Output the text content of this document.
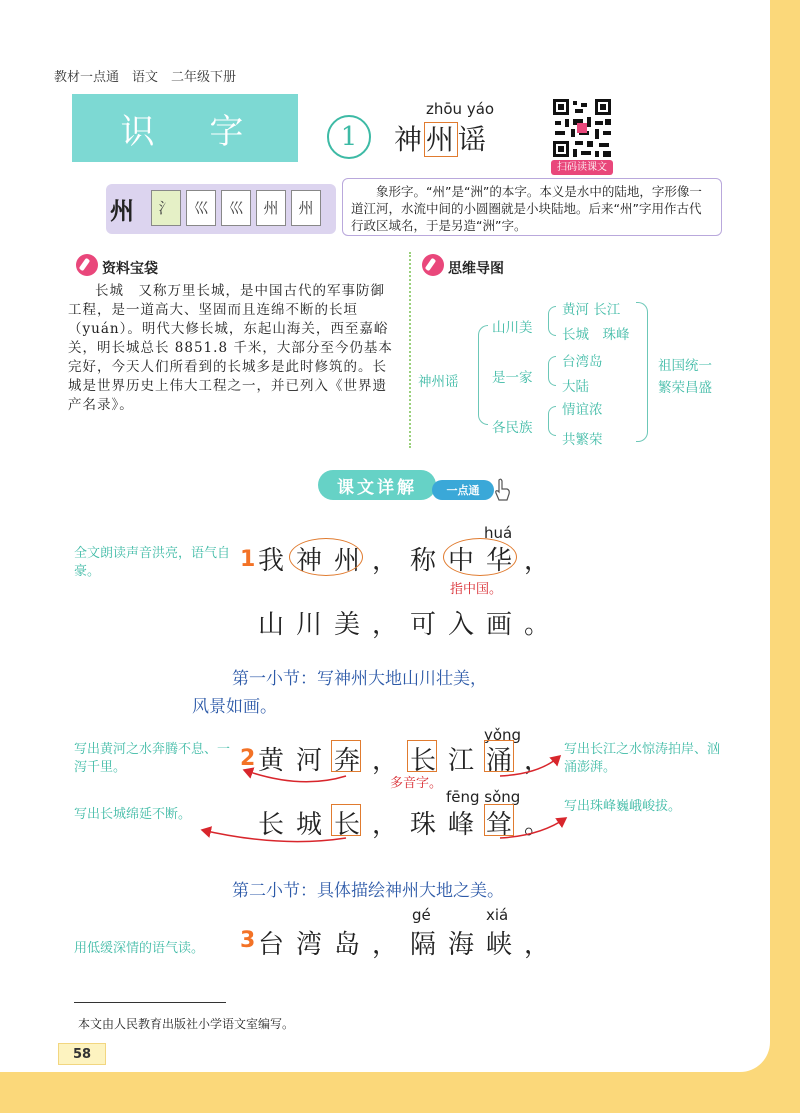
教材一点通　语文　二年级下册
识 字	1
zhōu yáo
神州谣
扫码读课文
州	氵	巛	巛	州	州
象形字。“州”是“洲”的本字。本义是水中的陆地，字形像一道江河，水流中间的小圆圈就是小块陆地。后来“州”字用作古代行政区域名，于是另造“洲”字。
资料宝袋
长城　又称万里长城，是中国古代的军事防御工程，是一道高大、坚固而且连绵不断的长垣（yuán）。明代大修长城，东起山海关，西至嘉峪关，明长城总长 8851.8 千米，大部分至今仍基本完好，今天人们所看到的长城多是此时修筑的。长城是世界历史上伟大工程之一，并已列入《世界遗产名录》。
思维导图
神州谣
山川美
是一家
各民族
黄河 长江
长城　珠峰
台湾岛
大陆
情谊浓
共繁荣
祖国统一
繁荣昌盛
课文详解	一点通
全文朗读声音洪亮，语气自豪。	1 我神州，称中华，
huá
指中国。
山川美，可入画。
第一小节：写神州大地山川壮美，
风景如画。
写出黄河之水奔腾不息、一泻千里。	2 黄河奔，长江涌，
yǒng
多音字。
写出长江之水惊涛拍岸、汹涌澎湃。
fēng sǒng
写出长城绵延不断。	长城长，珠峰耸。
写出珠峰巍峨峻拔。
第二小节：具体描绘神州大地之美。
gé	xiá
用低缓深情的语气读。 3 台湾岛，隔海峡，
本文由人民教育出版社小学语文室编写。
58
